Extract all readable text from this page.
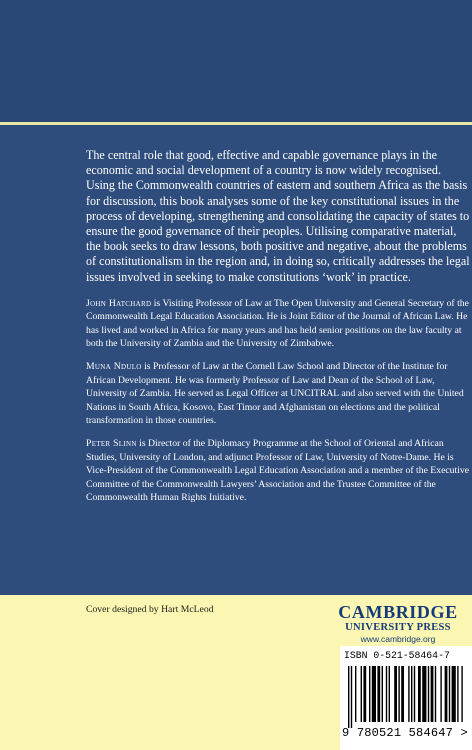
The central role that good, effective and capable governance plays in the economic and social development of a country is now widely recognised. Using the Commonwealth countries of eastern and southern Africa as the basis for discussion, this book analyses some of the key constitutional issues in the process of developing, strengthening and consolidating the capacity of states to ensure the good governance of their peoples. Utilising comparative material, the book seeks to draw lessons, both positive and negative, about the problems of constitutionalism in the region and, in doing so, critically addresses the legal issues involved in seeking to make constitutions ‘work’ in practice.

John Hatchard is Visiting Professor of Law at The Open University and General Secretary of the Commonwealth Legal Education Association. He is Joint Editor of the Journal of African Law. He has lived and worked in Africa for many years and has held senior positions on the law faculty at both the University of Zambia and the University of Zimbabwe.

Muna Ndulo is Professor of Law at the Cornell Law School and Director of the Institute for African Development. He was formerly Professor of Law and Dean of the School of Law, University of Zambia. He served as Legal Officer at UNCITRAL and also served with the United Nations in South Africa, Kosovo, East Timor and Afghanistan on elections and the political transformation in those countries.

Peter Slinn is Director of the Diplomacy Programme at the School of Oriental and African Studies, University of London, and adjunct Professor of Law, University of Notre-Dame. He is Vice-President of the Commonwealth Legal Education Association and a member of the Executive Committee of the Commonwealth Lawyers’ Association and the Trustee Committee of the Commonwealth Human Rights Initiative.

Cover designed by Hart McLeod	CAMBRIDGE
UNIVERSITY PRESS
www.cambridge.org
ISBN 0-521-58464-7
9 780521 584647 >
